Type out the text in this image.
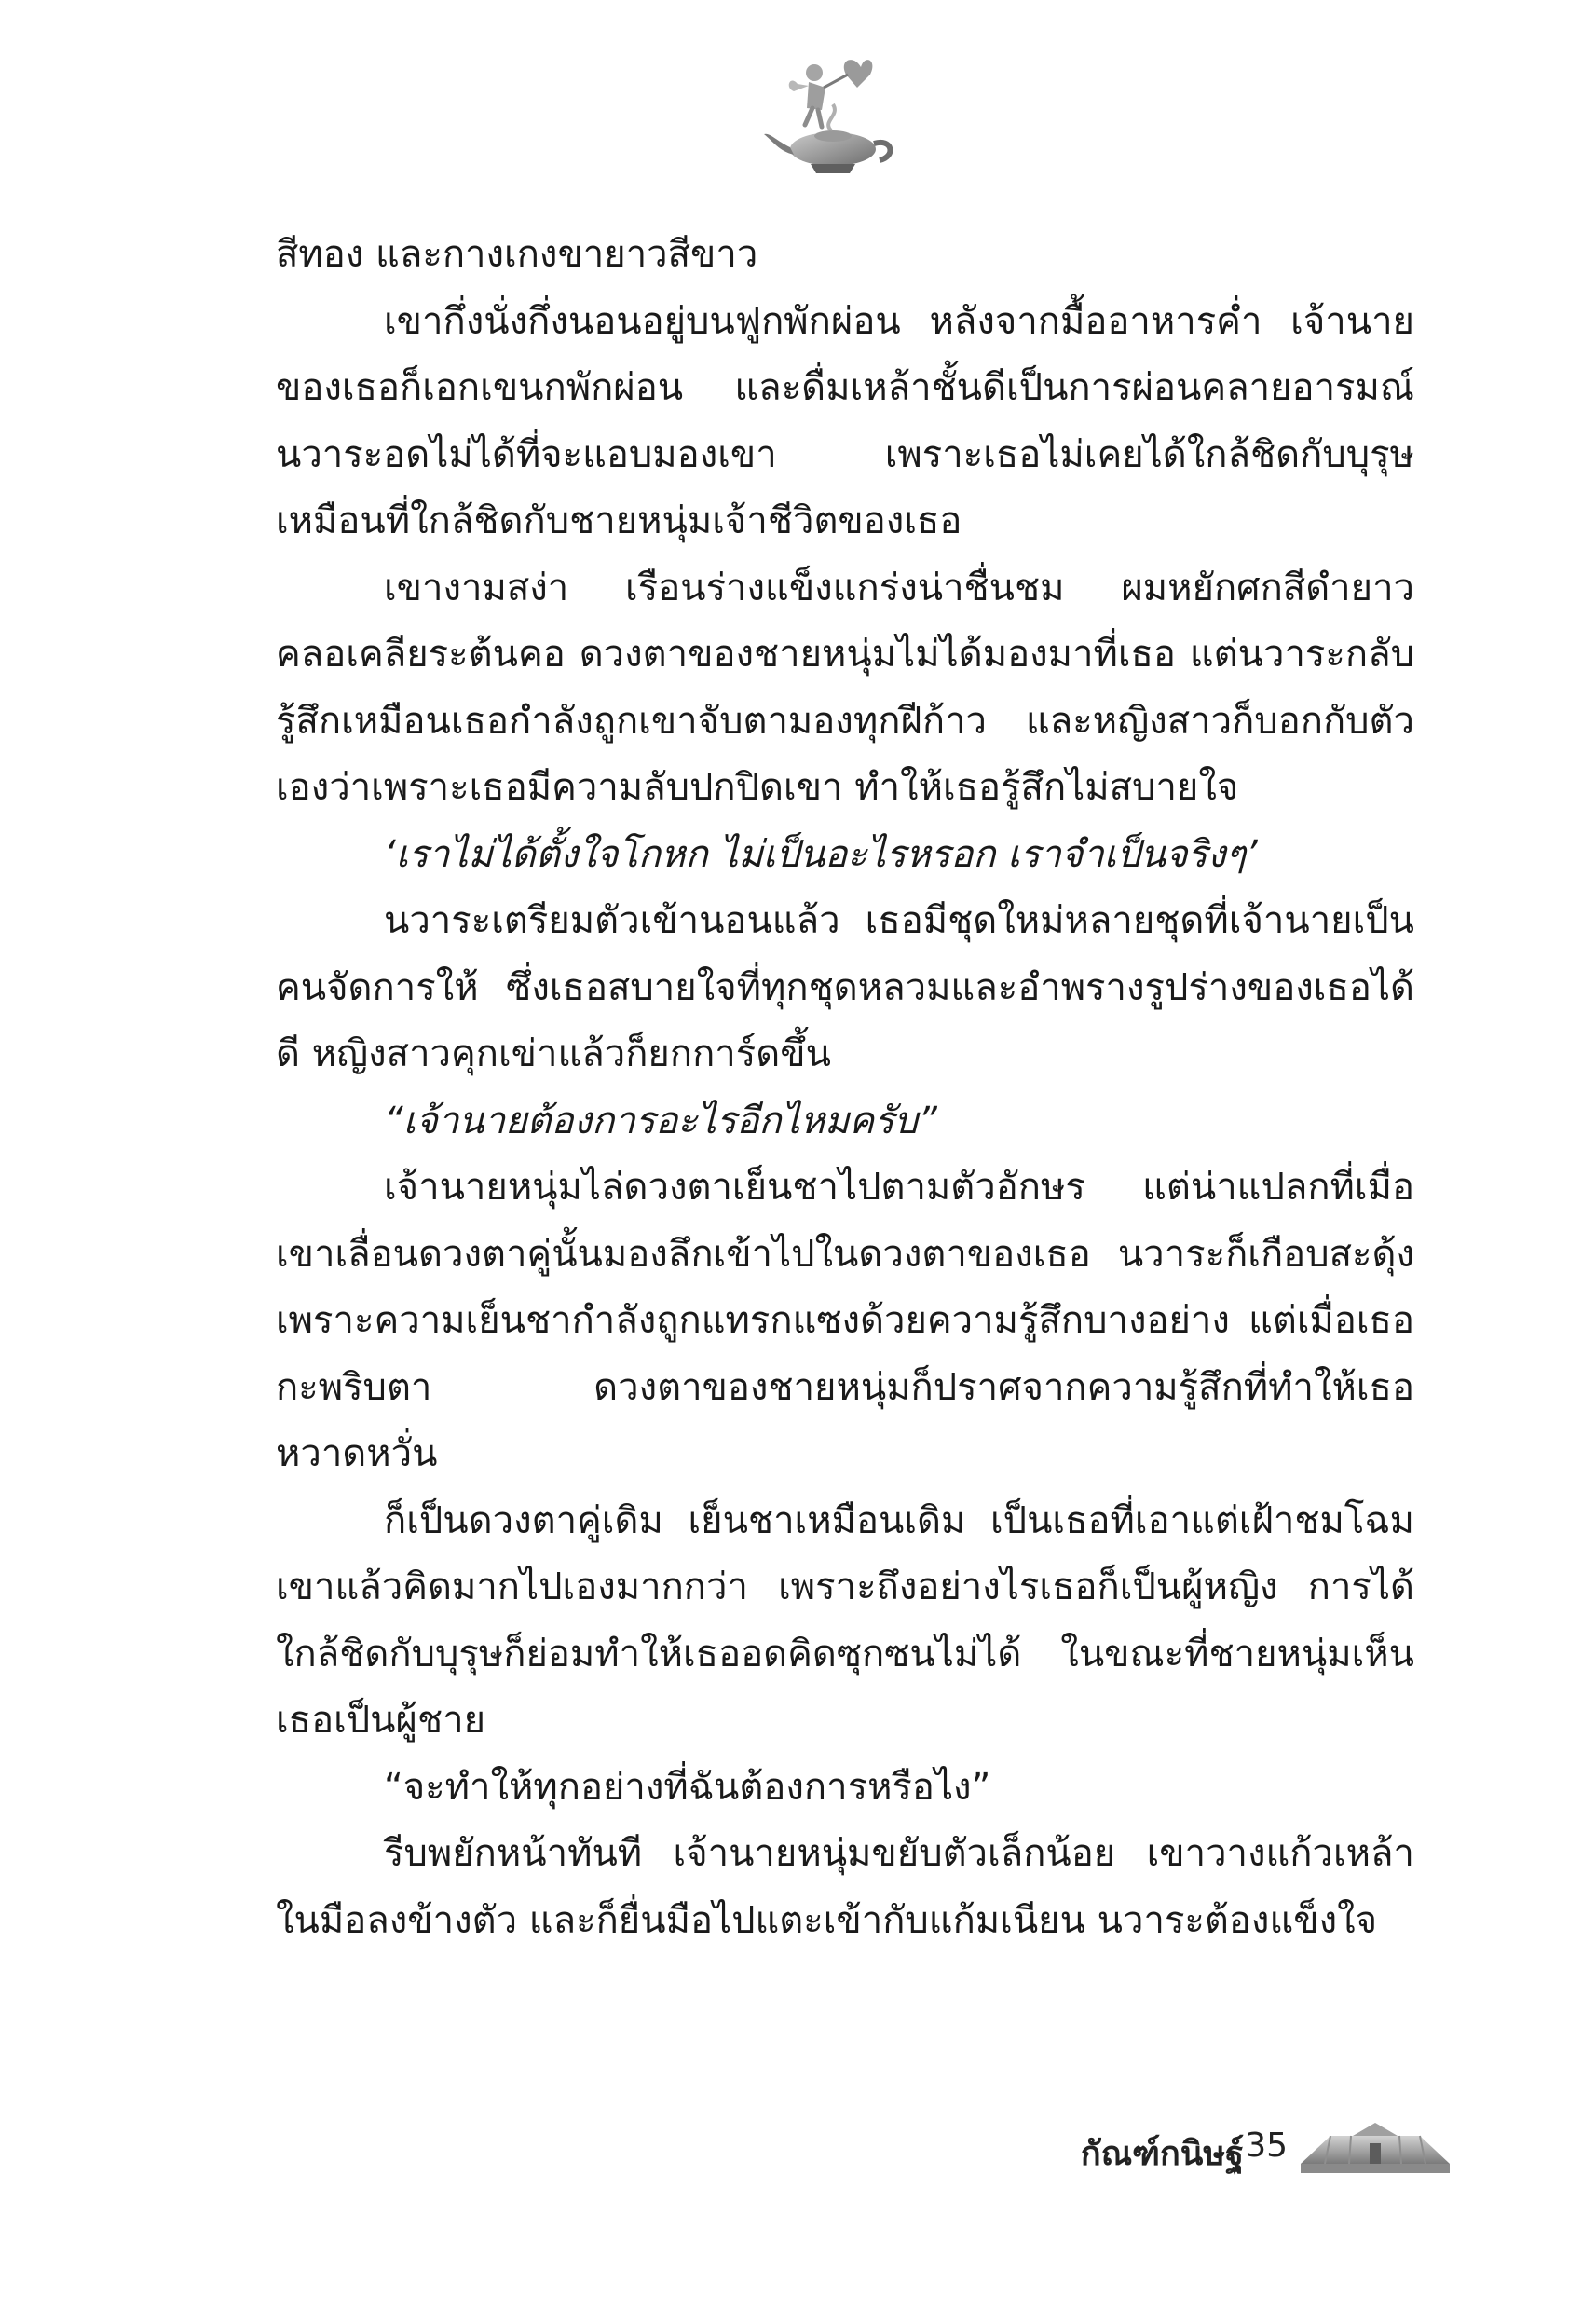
สีทอง และกางเกงขายาวสีขาว

เขากึ่งนั่งกึ่งนอนอยู่บนฟูกพักผ่อน หลังจากมื้ออาหารค่ำ เจ้านายของเธอก็เอกเขนกพักผ่อน และดื่มเหล้าชั้นดีเป็นการผ่อนคลายอารมณ์ นวาระอดไม่ได้ที่จะแอบมองเขา เพราะเธอไม่เคยได้ใกล้ชิดกับบุรุษเหมือนที่ใกล้ชิดกับชายหนุ่มเจ้าชีวิตของเธอ

เขางามสง่า เรือนร่างแข็งแกร่งน่าชื่นชม ผมหยักศกสีดำยาวคลอเคลียระต้นคอ ดวงตาของชายหนุ่มไม่ได้มองมาที่เธอ แต่นวาระกลับรู้สึกเหมือนเธอกำลังถูกเขาจับตามองทุกฝีก้าว และหญิงสาวก็บอกกับตัวเองว่าเพราะเธอมีความลับปกปิดเขา ทำให้เธอรู้สึกไม่สบายใจ

‘เราไม่ได้ตั้งใจโกหก ไม่เป็นอะไรหรอก เราจำเป็นจริงๆ’

นวาระเตรียมตัวเข้านอนแล้ว เธอมีชุดใหม่หลายชุดที่เจ้านายเป็นคนจัดการให้ ซึ่งเธอสบายใจที่ทุกชุดหลวมและอำพรางรูปร่างของเธอได้ดี หญิงสาวคุกเข่าแล้วก็ยกการ์ดขึ้น

“เจ้านายต้องการอะไรอีกไหมครับ”

เจ้านายหนุ่มไล่ดวงตาเย็นชาไปตามตัวอักษร แต่น่าแปลกที่เมื่อเขาเลื่อนดวงตาคู่นั้นมองลึกเข้าไปในดวงตาของเธอ นวาระก็เกือบสะดุ้ง เพราะความเย็นชากำลังถูกแทรกแซงด้วยความรู้สึกบางอย่าง แต่เมื่อเธอกะพริบตา ดวงตาของชายหนุ่มก็ปราศจากความรู้สึกที่ทำให้เธอหวาดหวั่น

ก็เป็นดวงตาคู่เดิม เย็นชาเหมือนเดิม เป็นเธอที่เอาแต่เฝ้าชมโฉมเขาแล้วคิดมากไปเองมากกว่า เพราะถึงอย่างไรเธอก็เป็นผู้หญิง การได้ใกล้ชิดกับบุรุษก็ย่อมทำให้เธออดคิดซุกซนไม่ได้ ในขณะที่ชายหนุ่มเห็นเธอเป็นผู้ชาย

“จะทำให้ทุกอย่างที่ฉันต้องการหรือไง”

รีบพยักหน้าทันที เจ้านายหนุ่มขยับตัวเล็กน้อย เขาวางแก้วเหล้าในมือลงข้างตัว และก็ยื่นมือไปแตะเข้ากับแก้มเนียน นวาระต้องแข็งใจ

กัณฑ์กนิษฐ์ 35
